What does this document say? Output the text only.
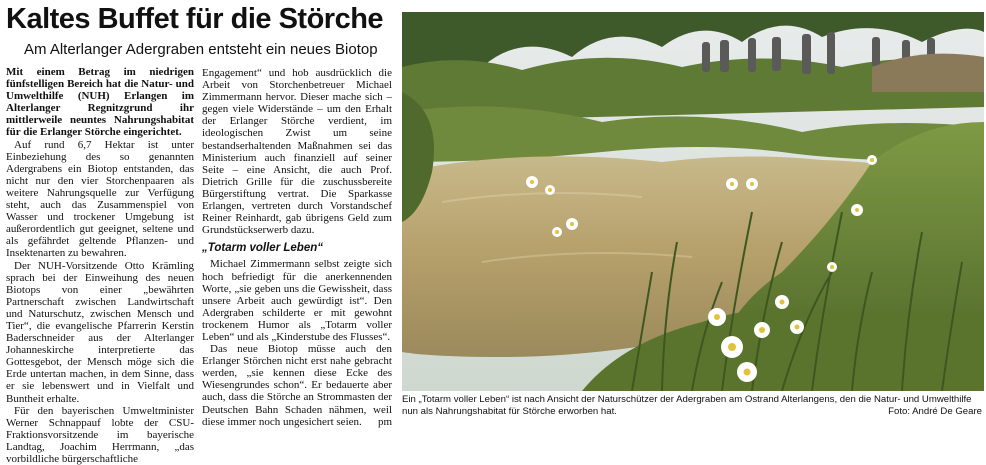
Kaltes Buffet für die Störche
Am Alterlanger Adergraben entsteht ein neues Biotop

Mit einem Betrag im niedrigen fünfstelligen Bereich hat die Natur- und Umwelthilfe (NUH) Erlangen im Alterlanger Regnitzgrund ihr mittlerweile neuntes Nahrungshabitat für die Erlanger Störche eingerichtet.

Auf rund 6,7 Hektar ist unter Einbeziehung des so genannten Adergrabens ein Biotop entstanden, das nicht nur den vier Storchenpaaren als weitere Nahrungsquelle zur Verfügung steht, auch das Zusammenspiel von Wasser und trockener Umgebung ist außerordentlich gut geeignet, seltene und als gefährdet geltende Pflanzen- und Insektenarten zu bewahren.

Der NUH-Vorsitzende Otto Krämling sprach bei der Einweihung des neuen Biotops von einer „bewährten Partnerschaft zwischen Landwirtschaft und Naturschutz, zwischen Mensch und Tier“, die evangelische Pfarrerin Kerstin Baderschneider aus der Alterlanger Johanneskirche interpretierte das Gottesgebot, der Mensch möge sich die Erde untertan machen, in dem Sinne, dass er sie lebenswert und in Vielfalt und Buntheit erhalte.

Für den bayerischen Umweltminister Werner Schnappauf lobte der CSU-Fraktionsvorsitzende im bayerische Landtag, Joachim Herrmann, „das vorbildliche bürgerschaftliche

Engagement“ und hob ausdrücklich die Arbeit von Storchenbetreuer Michael Zimmermann hervor. Dieser mache sich – gegen viele Widerstände – um den Erhalt der Erlanger Störche verdient, im ideologischen Zwist um seine bestandserhaltenden Maßnahmen sei das Ministerium auch finanziell auf seiner Seite – eine Ansicht, die auch Prof. Dietrich Grille für die zuschussbereite Bürgerstiftung vertrat. Die Sparkasse Erlangen, vertreten durch Vorstandschef Reiner Reinhardt, gab übrigens Geld zum Grundstückserwerb dazu.

„Totarm voller Leben“

Michael Zimmermann selbst zeigte sich hoch befriedigt für die anerkennenden Worte, „sie geben uns die Gewissheit, dass unsere Arbeit auch gewürdigt ist“. Den Adergraben schilderte er mit gewohnt trockenem Humor als „Totarm voller Leben“ und als „Kinderstube des Flusses“.

Das neue Biotop müsse auch den Erlanger Störchen nicht erst nahe gebracht werden, „sie kennen diese Ecke des Wiesengrundes schon“. Er bedauerte aber auch, dass die Störche an Strommasten der Deutschen Bahn Schaden nähmen, weil diese immer noch ungesichert seien.	pm

Ein „Totarm voller Leben“ ist nach Ansicht der Naturschützer der Adergraben am Ostrand Alterlangens, den die Natur- und Umwelthilfe nun als Nahrungshabitat für Störche erworben hat.	Foto: André De Geare
